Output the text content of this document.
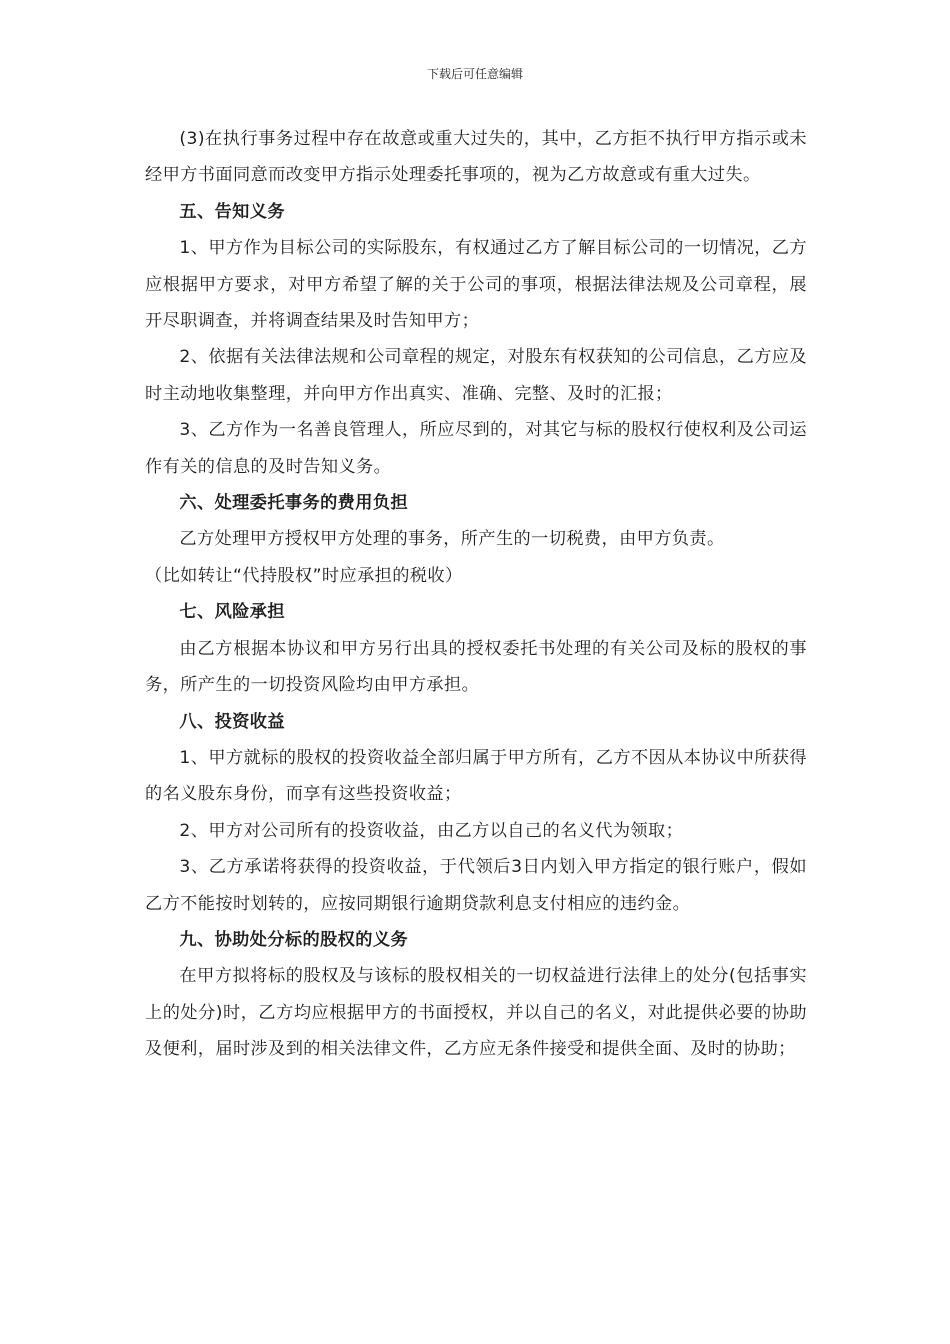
下载后可任意编辑

(3)在执行事务过程中存在故意或重大过失的，其中，乙方拒不执行甲方指示或未经甲方书面同意而改变甲方指示处理委托事项的，视为乙方故意或有重大过失。

五、告知义务

1、甲方作为目标公司的实际股东，有权通过乙方了解目标公司的一切情况，乙方应根据甲方要求，对甲方希望了解的关于公司的事项，根据法律法规及公司章程，展开尽职调查，并将调查结果及时告知甲方；

2、依据有关法律法规和公司章程的规定，对股东有权获知的公司信息，乙方应及时主动地收集整理，并向甲方作出真实、准确、完整、及时的汇报；

3、乙方作为一名善良管理人，所应尽到的，对其它与标的股权行使权利及公司运作有关的信息的及时告知义务。

六、处理委托事务的费用负担

乙方处理甲方授权甲方处理的事务，所产生的一切税费，由甲方负责。

（比如转让“代持股权”时应承担的税收）

七、风险承担

由乙方根据本协议和甲方另行出具的授权委托书处理的有关公司及标的股权的事务，所产生的一切投资风险均由甲方承担。

八、投资收益

1、甲方就标的股权的投资收益全部归属于甲方所有，乙方不因从本协议中所获得的名义股东身份，而享有这些投资收益；

2、甲方对公司所有的投资收益，由乙方以自己的名义代为领取；

3、乙方承诺将获得的投资收益，于代领后3日内划入甲方指定的银行账户，假如乙方不能按时划转的，应按同期银行逾期贷款利息支付相应的违约金。

九、协助处分标的股权的义务

在甲方拟将标的股权及与该标的股权相关的一切权益进行法律上的处分(包括事实上的处分)时，乙方均应根据甲方的书面授权，并以自己的名义，对此提供必要的协助及便利，届时涉及到的相关法律文件，乙方应无条件接受和提供全面、及时的协助；
